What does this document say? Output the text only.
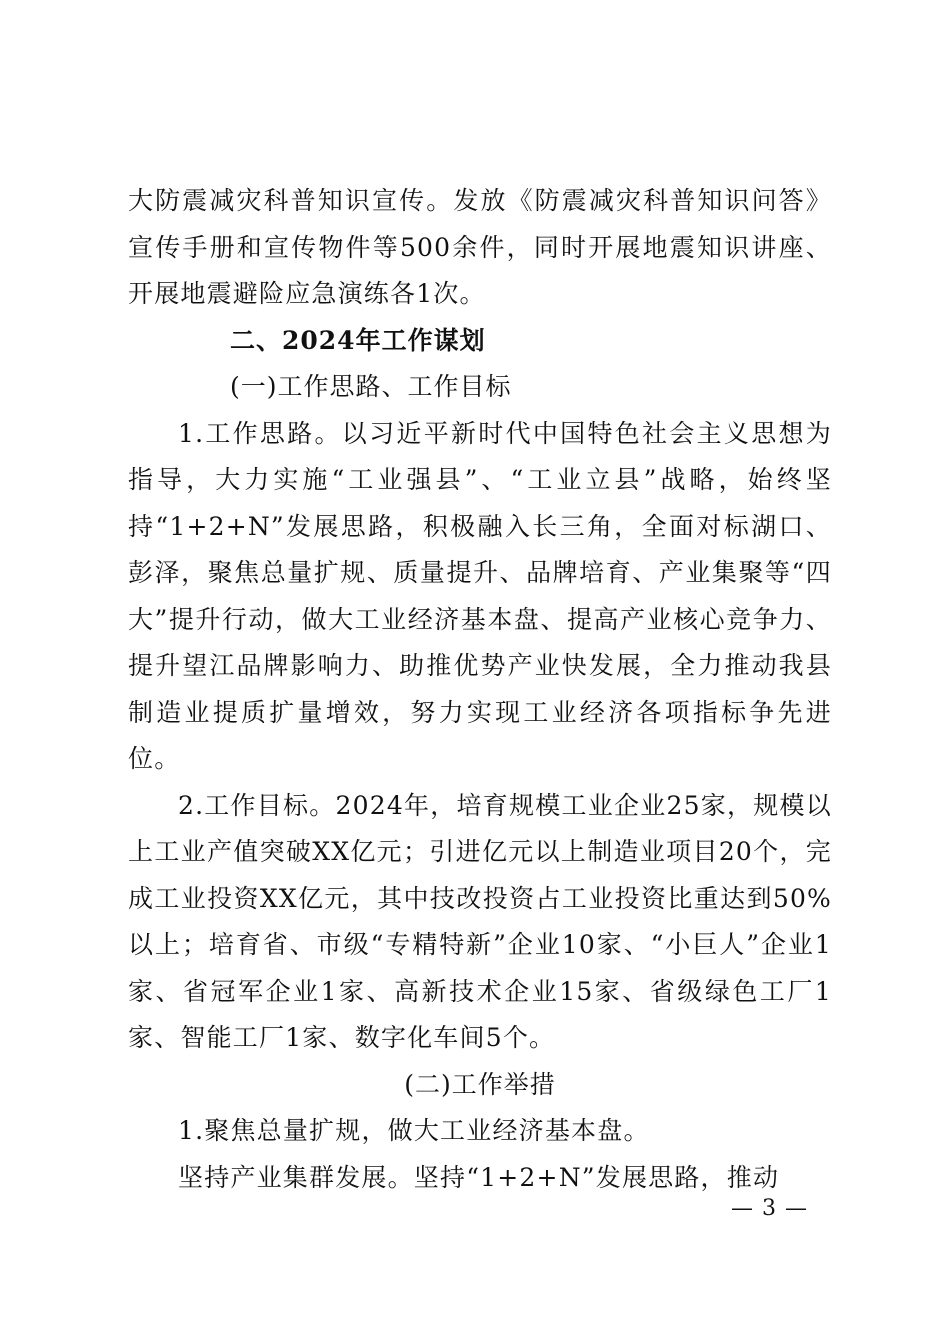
大防震减灾科普知识宣传。发放《防震减灾科普知识问答》宣传手册和宣传物件等500余件，同时开展地震知识讲座、开展地震避险应急演练各1次。

二、2024年工作谋划

(一)工作思路、工作目标

1.工作思路。以习近平新时代中国特色社会主义思想为指导，大力实施“工业强县”、“工业立县”战略，始终坚持“1+2+N”发展思路，积极融入长三角，全面对标湖口、彭泽，聚焦总量扩规、质量提升、品牌培育、产业集聚等“四大”提升行动，做大工业经济基本盘、提高产业核心竞争力、提升望江品牌影响力、助推优势产业快发展，全力推动我县制造业提质扩量增效，努力实现工业经济各项指标争先进位。

2.工作目标。2024年，培育规模工业企业25家，规模以上工业产值突破XX亿元；引进亿元以上制造业项目20个，完成工业投资XX亿元，其中技改投资占工业投资比重达到50%以上；培育省、市级“专精特新”企业10家、“小巨人”企业1家、省冠军企业1家、高新技术企业15家、省级绿色工厂1家、智能工厂1家、数字化车间5个。

(二)工作举措

1.聚焦总量扩规，做大工业经济基本盘。

坚持产业集群发展。坚持“1+2+N”发展思路，推动

— 3 —
